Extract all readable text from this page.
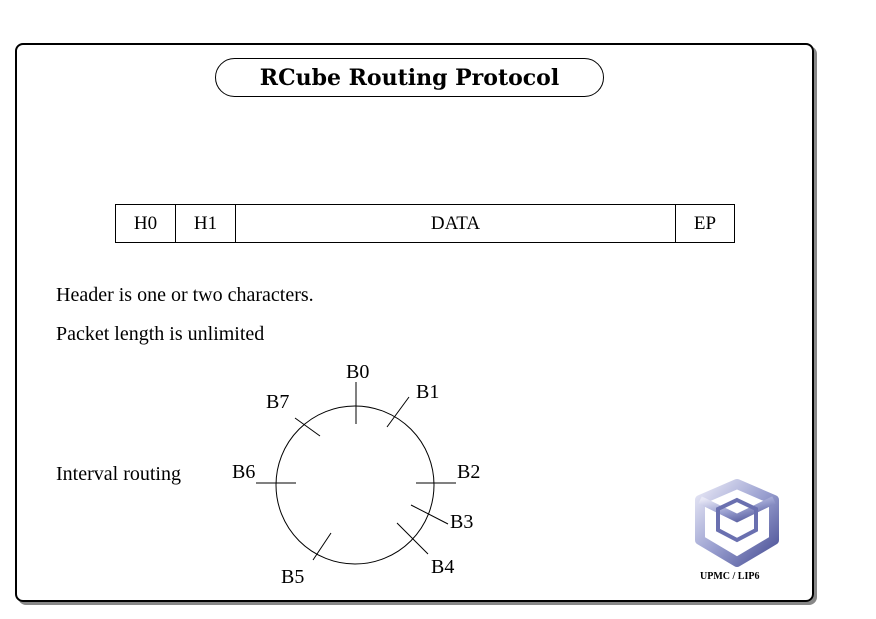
RCube Routing Protocol
H0	H1	DATA	EP
Header is one or two characters.
Packet length is unlimited
Interval routing
B0
B1
B2
B3
B4
B5
B6
B7
UPMC / LIP6
